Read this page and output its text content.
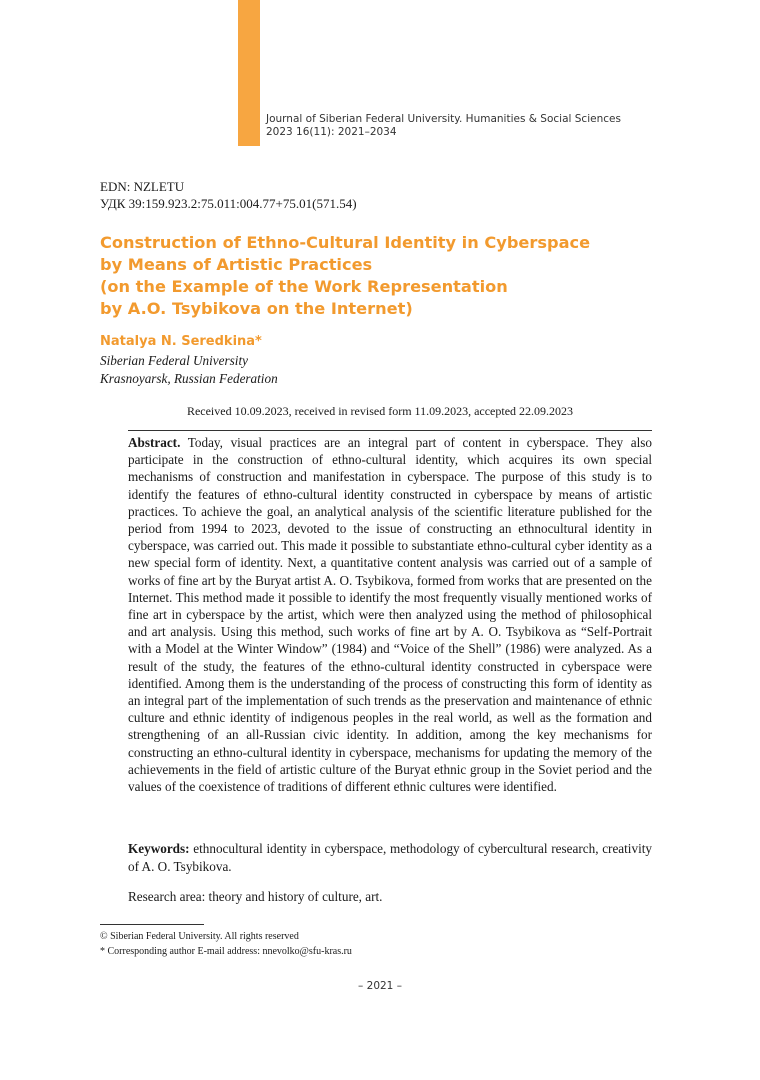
Journal of Siberian Federal University. Humanities & Social Sciences
2023 16(11): 2021–2034
EDN: NZLETU
УДК 39:159.923.2:75.011:004.77+75.01(571.54)
Construction of Ethno-Cultural Identity in Cyberspace
by Means of Artistic Practices
(on the Example of the Work Representation
by A.O. Tsybikova on the Internet)
Natalya N. Seredkina*
Siberian Federal University
Krasnoyarsk, Russian Federation
Received 10.09.2023, received in revised form 11.09.2023, accepted 22.09.2023

Abstract. Today, visual practices are an integral part of content in cyberspace. They also participate in the construction of ethno-cultural identity, which acquires its own special mechanisms of construction and manifestation in cyberspace. The purpose of this study is to identify the features of ethno-cultural identity constructed in cyberspace by means of artistic practices. To achieve the goal, an analytical analysis of the scientific literature published for the period from 1994 to 2023, devoted to the issue of constructing an ethnocultural identity in cyberspace, was carried out. This made it possible to substantiate ethno-cultural cyber identity as a new special form of identity. Next, a quantitative content analysis was carried out of a sample of works of fine art by the Buryat artist A. O. Tsybikova, formed from works that are presented on the Internet. This method made it possible to identify the most frequently visually mentioned works of fine art in cyberspace by the artist, which were then analyzed using the method of philosophical and art analysis. Using this method, such works of fine art by A. O. Tsybikova as “Self-Portrait with a Model at the Winter Window” (1984) and “Voice of the Shell” (1986) were analyzed. As a result of the study, the features of the ethno-cultural identity constructed in cyberspace were identified. Among them is the understanding of the process of constructing this form of identity as an integral part of the implementation of such trends as the preservation and maintenance of ethnic culture and ethnic identity of indigenous peoples in the real world, as well as the formation and strengthening of an all-Russian civic identity. In addition, among the key mechanisms for constructing an ethno-cultural identity in cyberspace, mechanisms for updating the memory of the achievements in the field of artistic culture of the Buryat ethnic group in the Soviet period and the values of the coexistence of traditions of different ethnic cultures were identified.

Keywords: ethnocultural identity in cyberspace, methodology of cybercultural research, creativity of A. O. Tsybikova.

Research area: theory and history of culture, art.

© Siberian Federal University. All rights reserved
* Corresponding author E-mail address: nnevolko@sfu-kras.ru
– 2021 –
